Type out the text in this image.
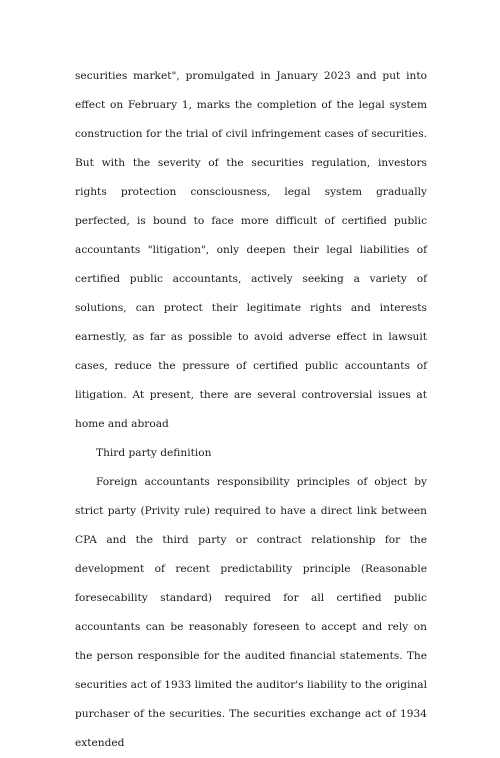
securities market", promulgated in January 2023 and put into effect on February 1, marks the completion of the legal system construction for the trial of civil infringement cases of securities. But with the severity of the securities regulation, investors rights protection consciousness, legal system gradually perfected, is bound to face more difficult of certified public accountants "litigation", only deepen their legal liabilities of certified public accountants, actively seeking a variety of solutions, can protect their legitimate rights and interests earnestly, as far as possible to avoid adverse effect in lawsuit cases, reduce the pressure of certified public accountants of litigation. At present, there are several controversial issues at home and abroad

Third party definition

Foreign accountants responsibility principles of object by strict party (Privity rule) required to have a direct link between CPA and the third party or contract relationship for the development of recent predictability principle (Reasonable foresecability standard) required for all certified public accountants can be reasonably foreseen to accept and rely on the person responsible for the audited financial statements. The securities act of 1933 limited the auditor's liability to the original purchaser of the securities. The securities exchange act of 1934 extended
